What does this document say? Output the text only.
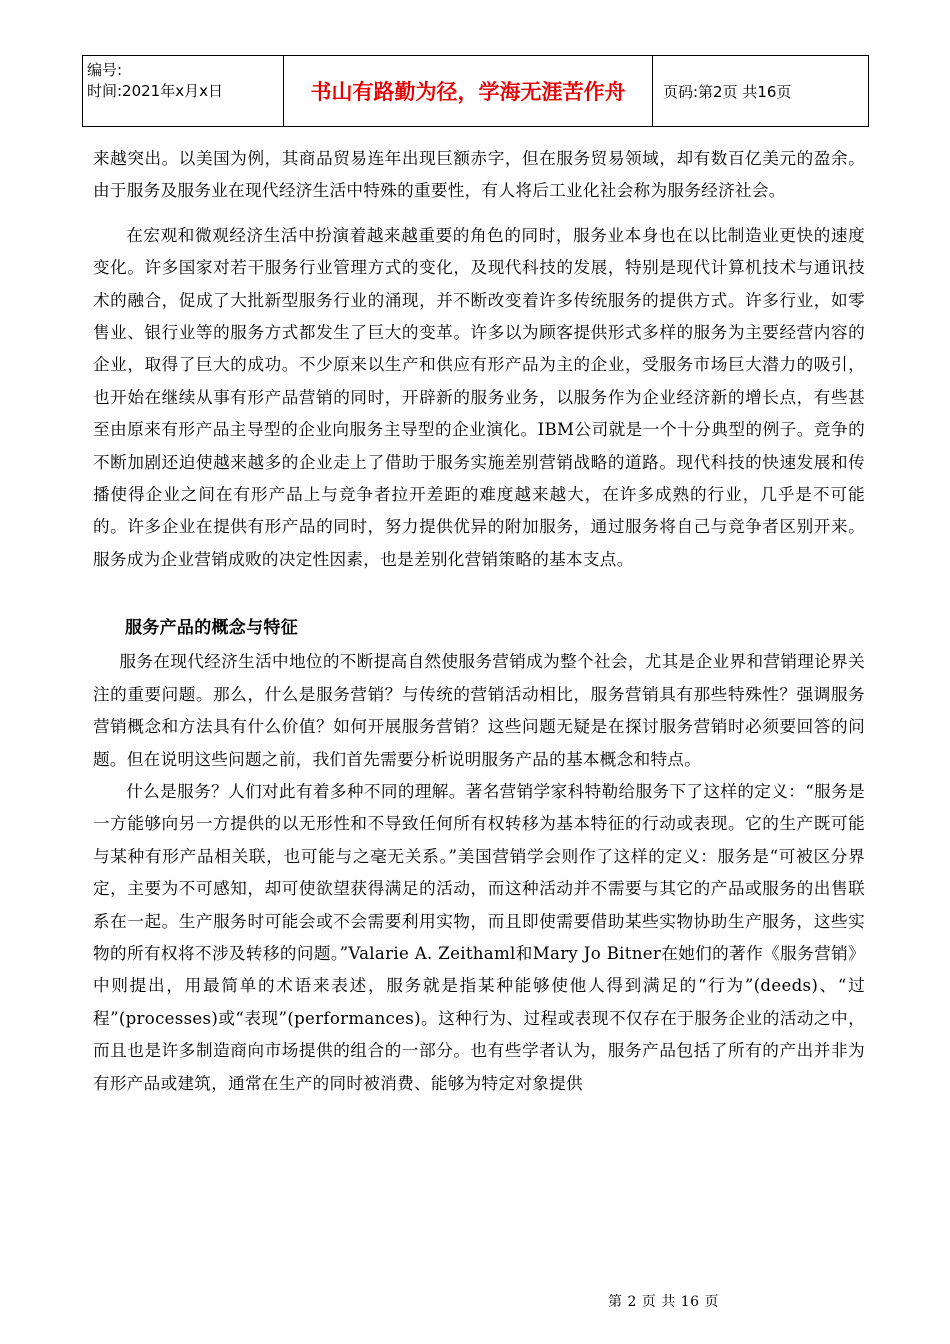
编号:
时间:2021年x月x日	书山有路勤为径，学海无涯苦作舟	页码:第2页 共16页

来越突出。以美国为例，其商品贸易连年出现巨额赤字，但在服务贸易领域，却有数百亿美元的盈余。由于服务及服务业在现代经济生活中特殊的重要性，有人将后工业化社会称为服务经济社会。

在宏观和微观经济生活中扮演着越来越重要的角色的同时，服务业本身也在以比制造业更快的速度变化。许多国家对若干服务行业管理方式的变化，及现代科技的发展，特别是现代计算机技术与通讯技术的融合，促成了大批新型服务行业的涌现，并不断改变着许多传统服务的提供方式。许多行业，如零售业、银行业等的服务方式都发生了巨大的变革。许多以为顾客提供形式多样的服务为主要经营内容的企业，取得了巨大的成功。不少原来以生产和供应有形产品为主的企业，受服务市场巨大潜力的吸引，也开始在继续从事有形产品营销的同时，开辟新的服务业务，以服务作为企业经济新的增长点，有些甚至由原来有形产品主导型的企业向服务主导型的企业演化。IBM公司就是一个十分典型的例子。竞争的不断加剧还迫使越来越多的企业走上了借助于服务实施差别营销战略的道路。现代科技的快速发展和传播使得企业之间在有形产品上与竞争者拉开差距的难度越来越大，在许多成熟的行业，几乎是不可能的。许多企业在提供有形产品的同时，努力提供优异的附加服务，通过服务将自己与竞争者区别开来。服务成为企业营销成败的决定性因素，也是差别化营销策略的基本支点。

服务产品的概念与特征

服务在现代经济生活中地位的不断提高自然使服务营销成为整个社会，尤其是企业界和营销理论界关注的重要问题。那么，什么是服务营销？与传统的营销活动相比，服务营销具有那些特殊性？强调服务营销概念和方法具有什么价值？如何开展服务营销？这些问题无疑是在探讨服务营销时必须要回答的问题。但在说明这些问题之前，我们首先需要分析说明服务产品的基本概念和特点。

什么是服务？人们对此有着多种不同的理解。著名营销学家科特勒给服务下了这样的定义：“服务是一方能够向另一方提供的以无形性和不导致任何所有权转移为基本特征的行动或表现。它的生产既可能与某种有形产品相关联，也可能与之毫无关系。”美国营销学会则作了这样的定义：服务是“可被区分界定，主要为不可感知，却可使欲望获得满足的活动，而这种活动并不需要与其它的产品或服务的出售联系在一起。生产服务时可能会或不会需要利用实物，而且即使需要借助某些实物协助生产服务，这些实物的所有权将不涉及转移的问题。”Valarie A. Zeithaml和Mary Jo Bitner在她们的著作《服务营销》中则提出，用最简单的术语来表述，服务就是指某种能够使他人得到满足的“行为”(deeds)、“过程”(processes)或“表现”(performances)。这种行为、过程或表现不仅存在于服务企业的活动之中，而且也是许多制造商向市场提供的组合的一部分。也有些学者认为，服务产品包括了所有的产出并非为有形产品或建筑，通常在生产的同时被消费、能够为特定对象提供

第 2 页 共 16 页
